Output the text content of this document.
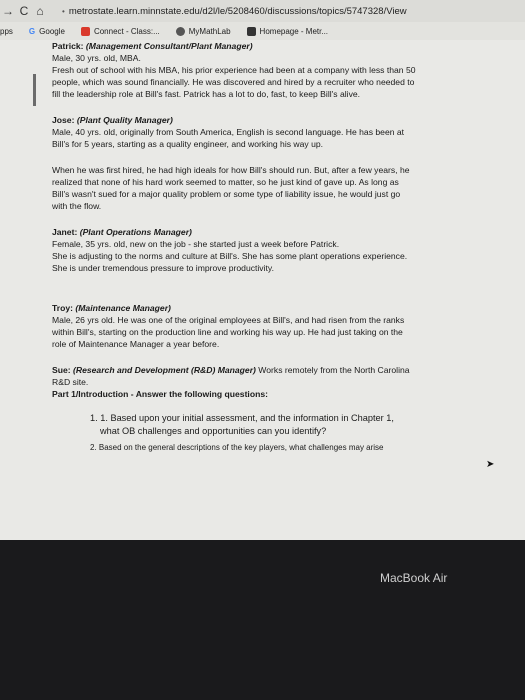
→ C ⌂	• metrostate.learn.minnstate.edu/d2l/le/5208460/discussions/topics/5747328/View
pps G Google	Connect - Class:...	MyMathLab	Homepage - Metr...

Patrick: (Management Consultant/Plant Manager)

Male, 30 yrs. old, MBA.

Fresh out of school with his MBA, his prior experience had been at a company with less than 50

people, which was sound financially. He was discovered and hired by a recruiter who needed to

fill the leadership role at Bill's fast. Patrick has a lot to do, fast, to keep Bill's alive.

Jose: (Plant Quality Manager)

Male, 40 yrs. old, originally from South America, English is second language. He has been at

Bill's for 5 years, starting as a quality engineer, and working his way up.

When he was first hired, he had high ideals for how Bill's should run. But, after a few years, he

realized that none of his hard work seemed to matter, so he just kind of gave up. As long as

Bill's wasn't sued for a major quality problem or some type of liability issue, he would just go

with the flow.

Janet: (Plant Operations Manager)

Female, 35 yrs. old, new on the job - she started just a week before Patrick.

She is adjusting to the norms and culture at Bill's. She has some plant operations experience.

She is under tremendous pressure to improve productivity.

Troy: (Maintenance Manager)

Male, 26 yrs old. He was one of the original employees at Bill's, and had risen from the ranks

within Bill's, starting on the production line and working his way up. He had just taking on the

role of Maintenance Manager a year before.

Sue: (Research and Development (R&D) Manager) Works remotely from the North Carolina

R&D site.

Part 1/Introduction - Answer the following questions:

1. 1. Based upon your initial assessment, and the information in Chapter 1,

what OB challenges and opportunities can you identify?

2. Based on the general descriptions of the key players, what challenges may arise

➤
MacBook Air
